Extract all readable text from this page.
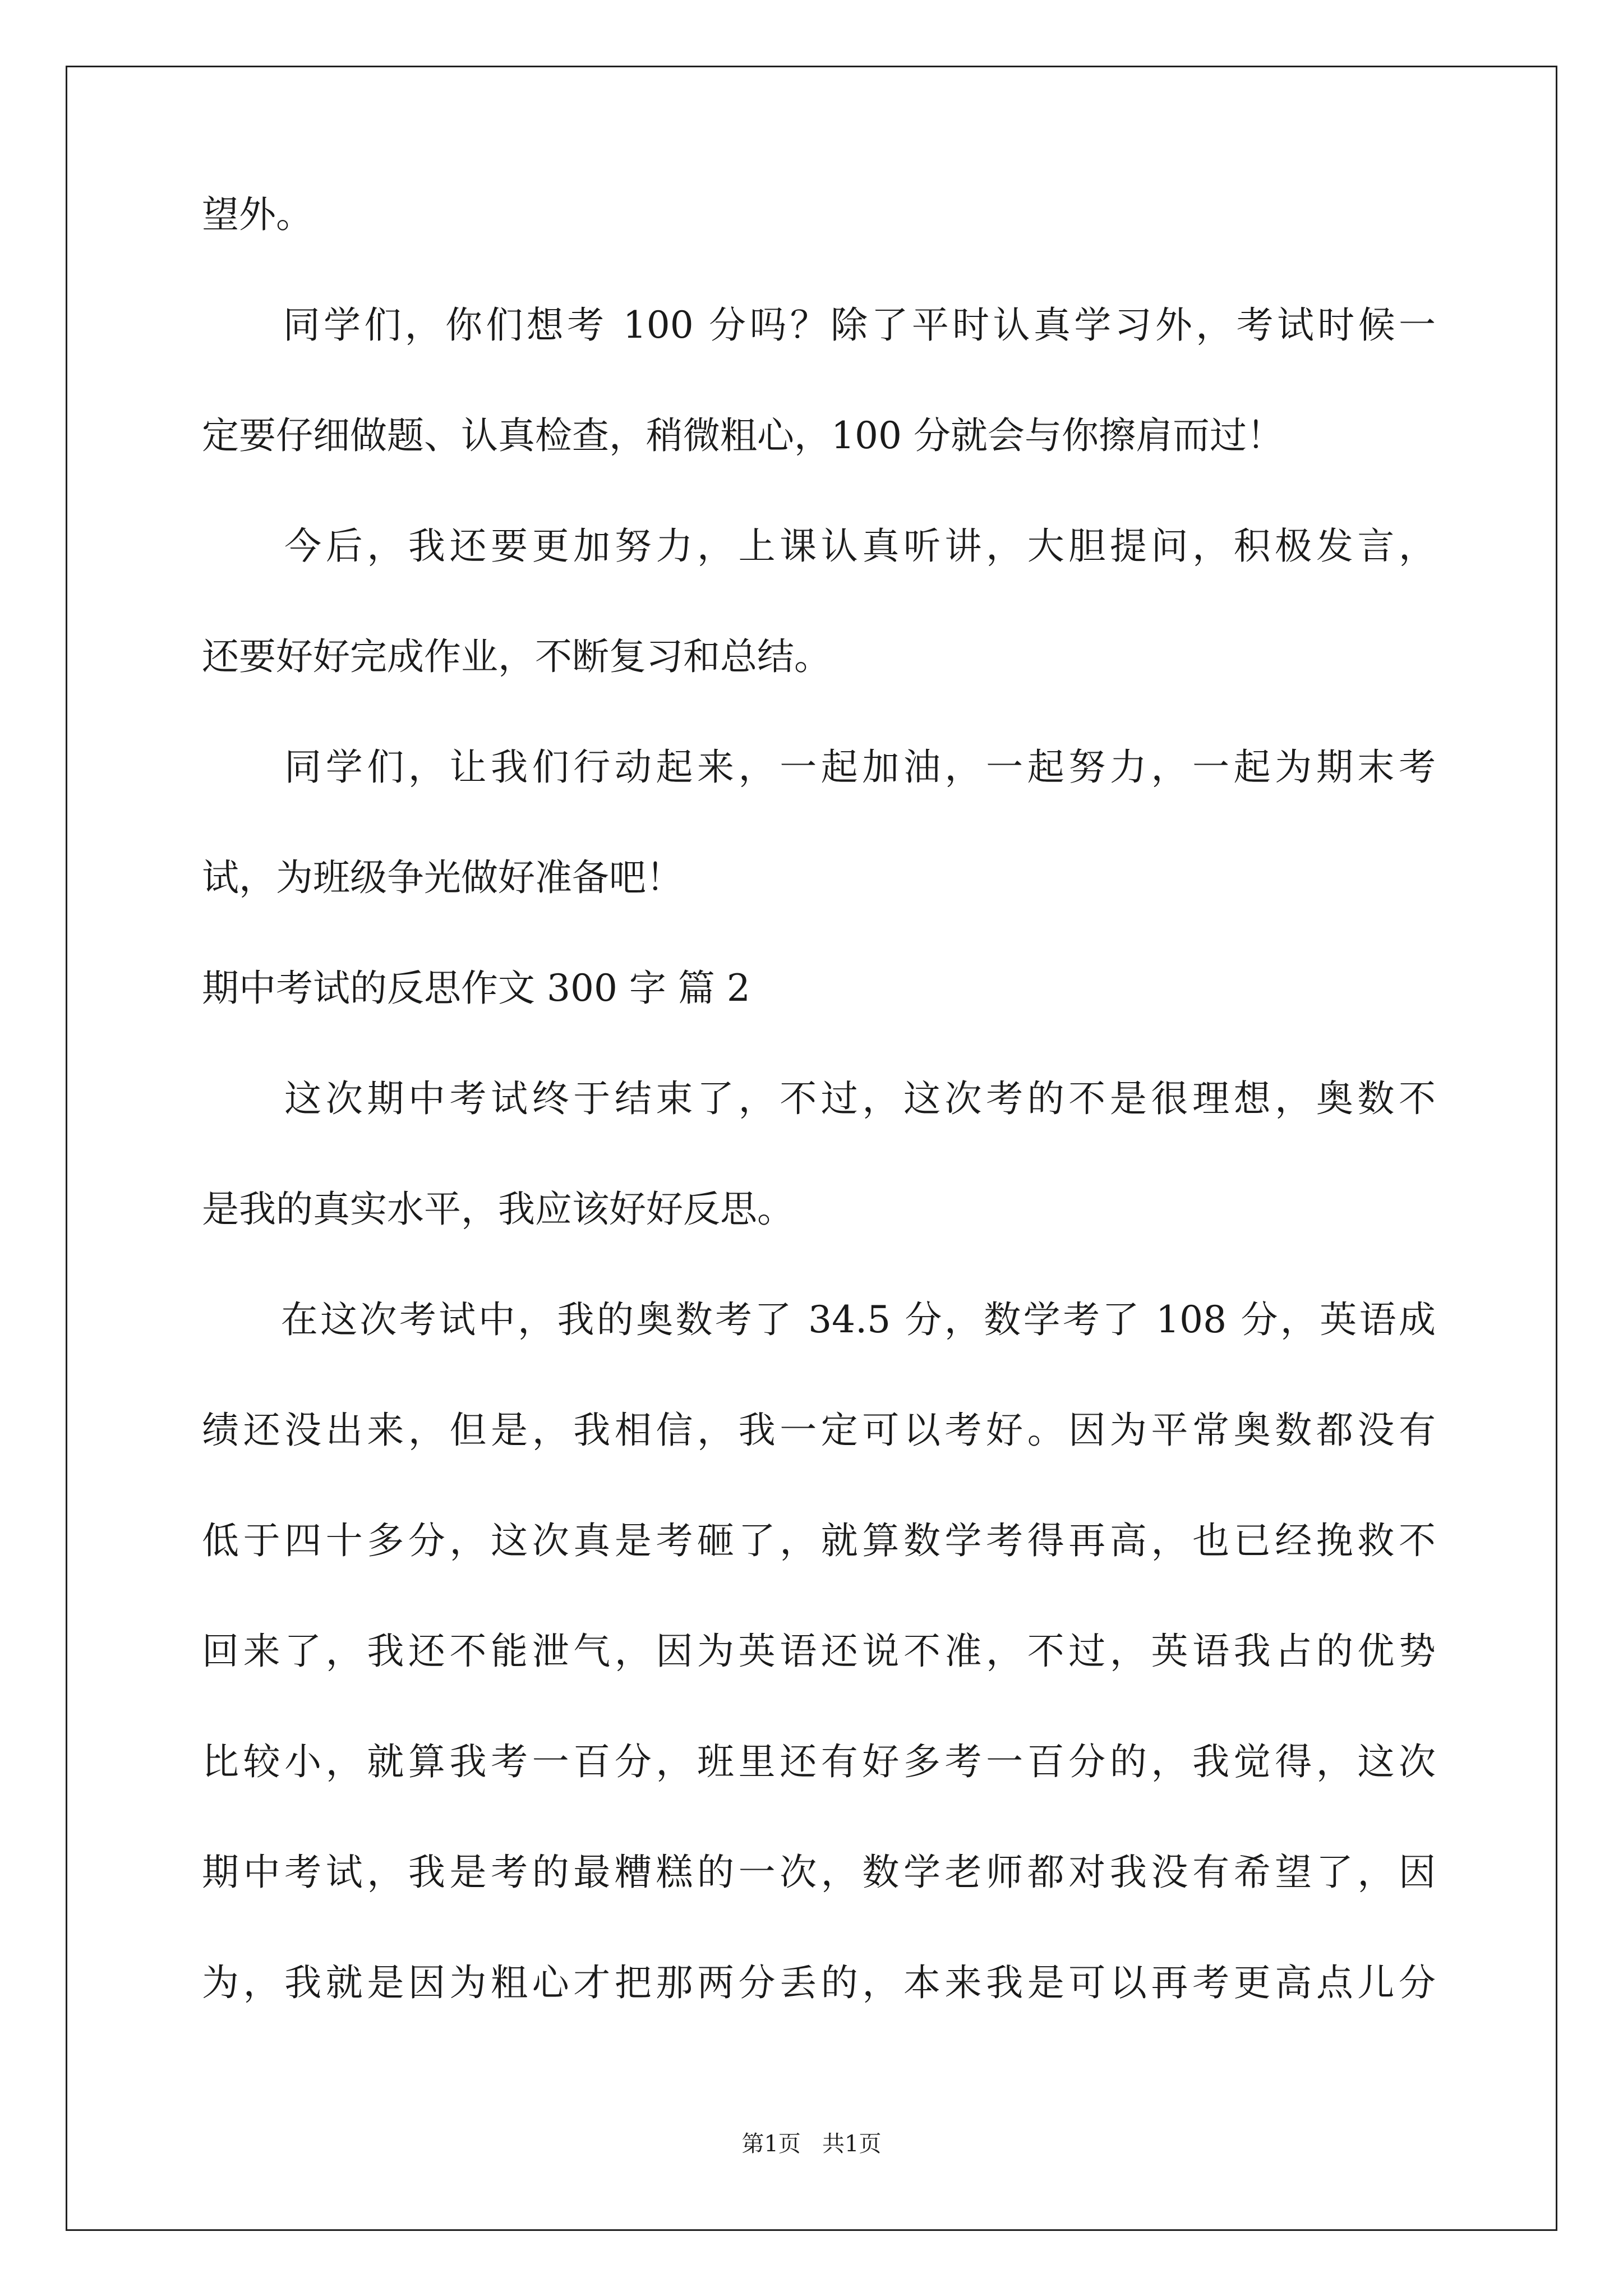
望外。
　　同学们，你们想考 100 分吗？除了平时认真学习外，考试时候一
定要仔细做题、认真检查，稍微粗心，100 分就会与你擦肩而过！
　　今后，我还要更加努力，上课认真听讲，大胆提问，积极发言，
还要好好完成作业，不断复习和总结。
　　同学们，让我们行动起来，一起加油，一起努力，一起为期末考
试，为班级争光做好准备吧！
期中考试的反思作文 300 字 篇 2
　　这次期中考试终于结束了，不过，这次考的不是很理想，奥数不
是我的真实水平，我应该好好反思。
　　在这次考试中，我的奥数考了 34.5 分，数学考了 108 分，英语成
绩还没出来，但是，我相信，我一定可以考好。因为平常奥数都没有
低于四十多分，这次真是考砸了，就算数学考得再高，也已经挽救不
回来了，我还不能泄气，因为英语还说不准，不过，英语我占的优势
比较小，就算我考一百分，班里还有好多考一百分的，我觉得，这次
期中考试，我是考的最糟糕的一次，数学老师都对我没有希望了，因
为，我就是因为粗心才把那两分丢的，本来我是可以再考更高点儿分
第1页   共1页
